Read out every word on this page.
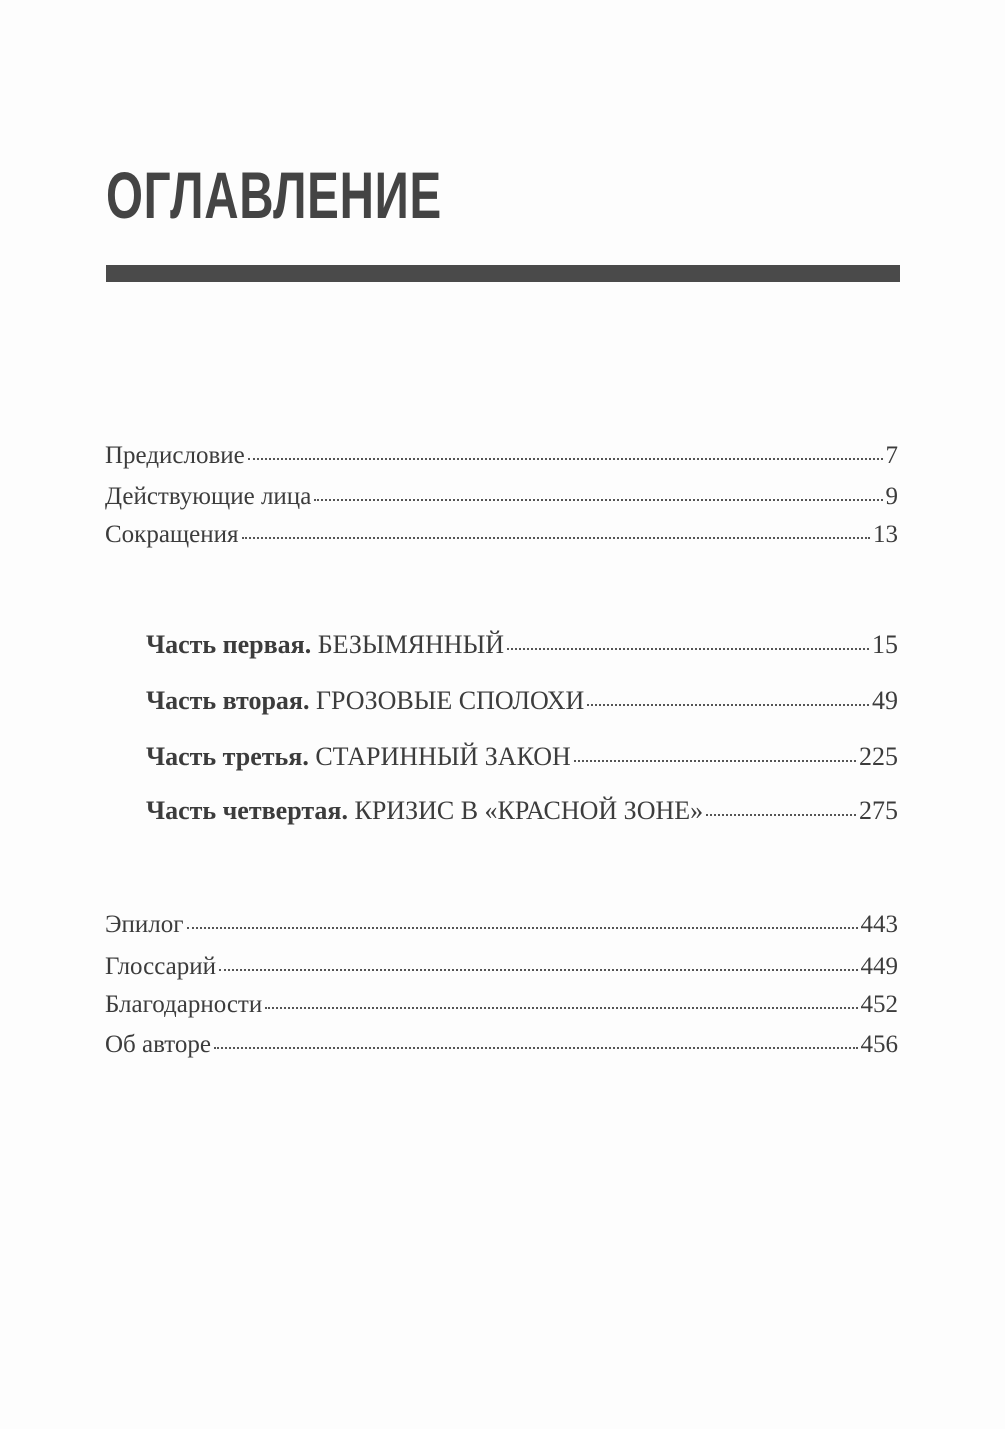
ОГЛАВЛЕНИЕ
Предисловие	7
Действующие лица	9
Сокращения	13
Часть первая. БЕЗЫМЯННЫЙ	15
Часть вторая. ГРОЗОВЫЕ СПОЛОХИ	49
Часть третья. СТАРИННЫЙ ЗАКОН	225
Часть четвертая. КРИЗИС В «КРАСНОЙ ЗОНЕ»	275
Эпилог	443
Глоссарий	449
Благодарности	452
Об авторе	456
